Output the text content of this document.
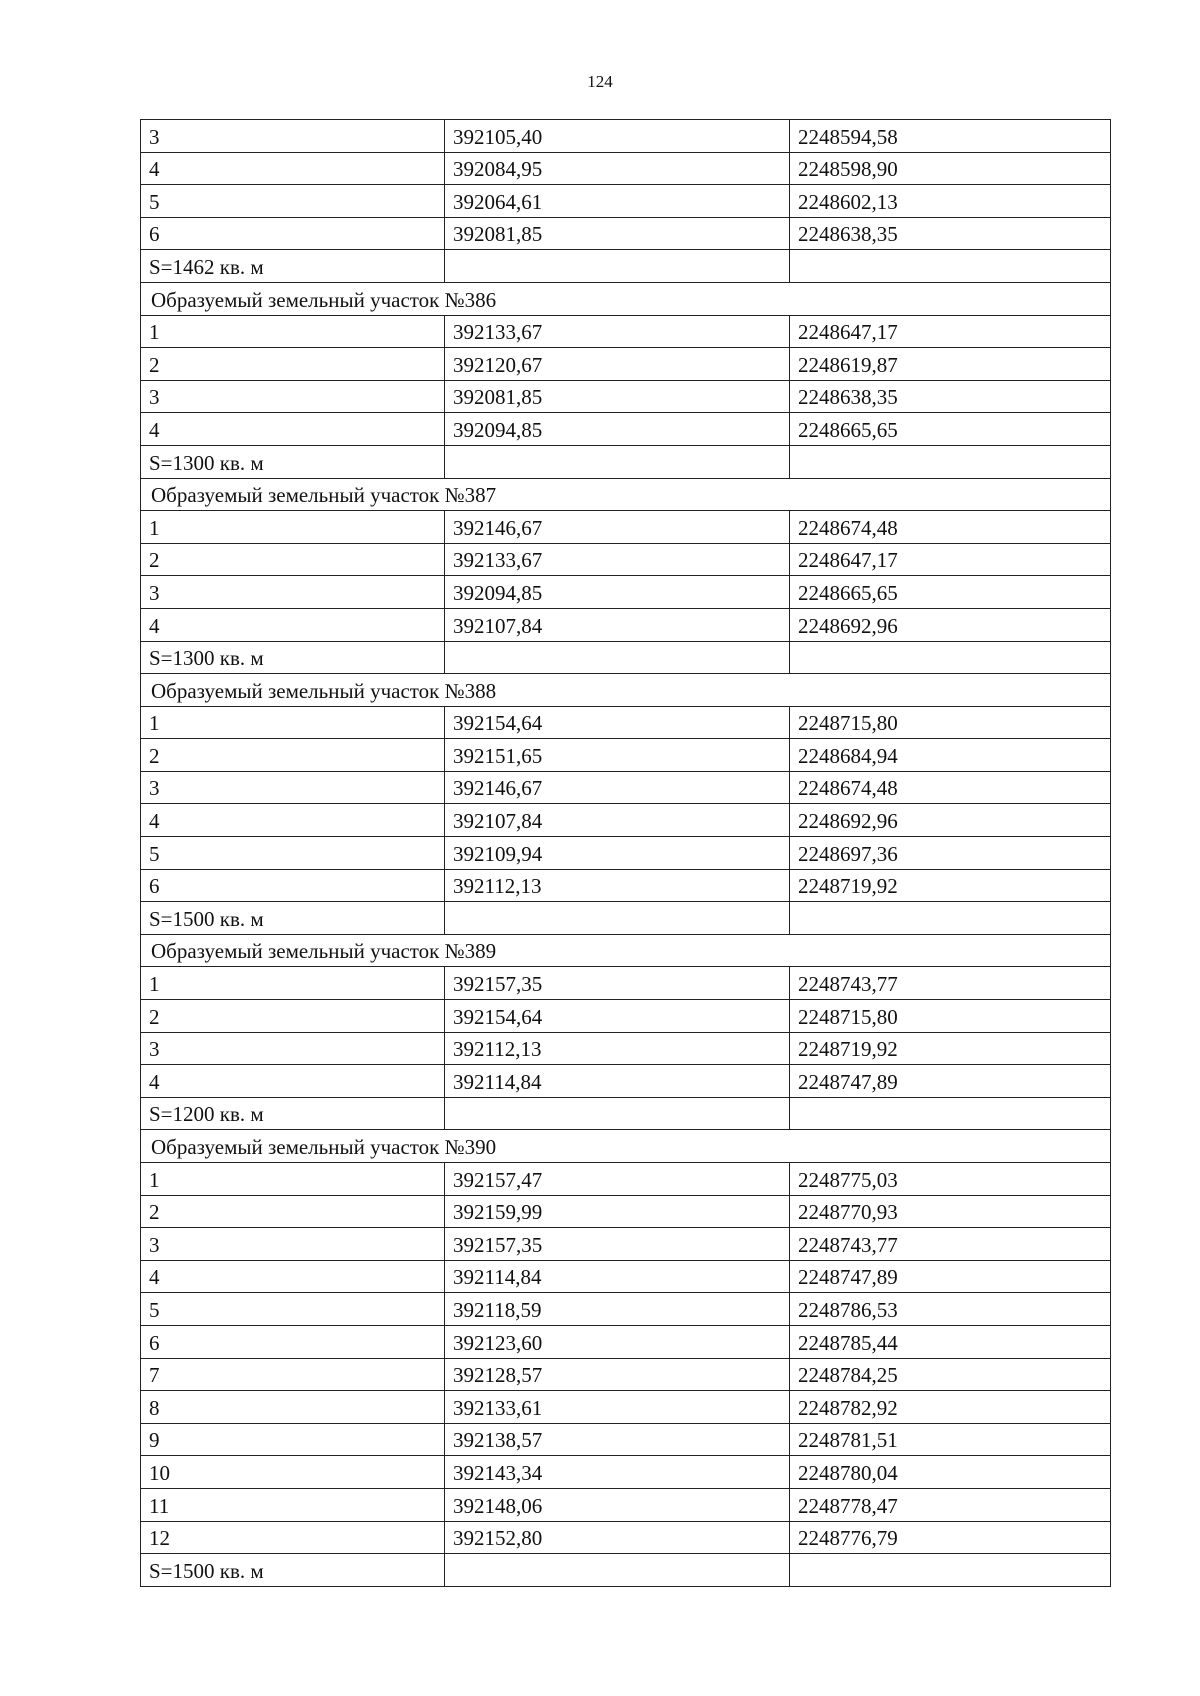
124
3	392105,40	2248594,58
4	392084,95	2248598,90
5	392064,61	2248602,13
6	392081,85	2248638,35
S=1462 кв. м		
Образуемый земельный участок №386		
1	392133,67	2248647,17
2	392120,67	2248619,87
3	392081,85	2248638,35
4	392094,85	2248665,65
S=1300 кв. м		
Образуемый земельный участок №387		
1	392146,67	2248674,48
2	392133,67	2248647,17
3	392094,85	2248665,65
4	392107,84	2248692,96
S=1300 кв. м		
Образуемый земельный участок №388		
1	392154,64	2248715,80
2	392151,65	2248684,94
3	392146,67	2248674,48
4	392107,84	2248692,96
5	392109,94	2248697,36
6	392112,13	2248719,92
S=1500 кв. м		
Образуемый земельный участок №389		
1	392157,35	2248743,77
2	392154,64	2248715,80
3	392112,13	2248719,92
4	392114,84	2248747,89
S=1200 кв. м		
Образуемый земельный участок №390		
1	392157,47	2248775,03
2	392159,99	2248770,93
3	392157,35	2248743,77
4	392114,84	2248747,89
5	392118,59	2248786,53
6	392123,60	2248785,44
7	392128,57	2248784,25
8	392133,61	2248782,92
9	392138,57	2248781,51
10	392143,34	2248780,04
11	392148,06	2248778,47
12	392152,80	2248776,79
S=1500 кв. м		
